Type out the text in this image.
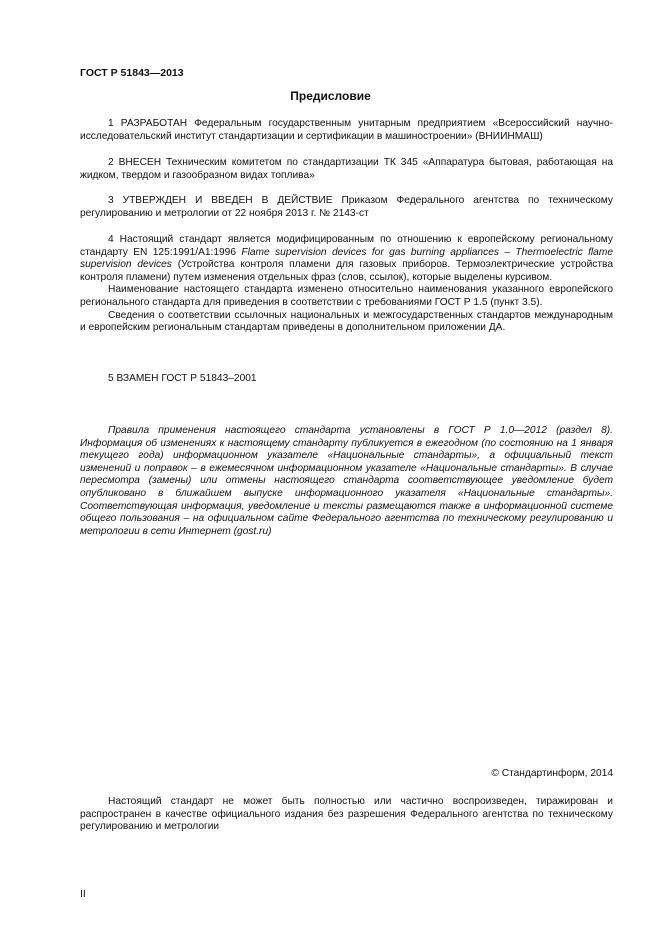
ГОСТ Р 51843—2013
Предисловие
1 РАЗРАБОТАН Федеральным государственным унитарным предприятием «Всероссийский научно-исследовательский институт стандартизации и сертификации в машиностроении» (ВНИИНМАШ)
2 ВНЕСЕН Техническим комитетом по стандартизации ТК 345 «Аппаратура бытовая, работающая на жидком, твердом и газообразном видах топлива»
3 УТВЕРЖДЕН И ВВЕДЕН В ДЕЙСТВИЕ Приказом Федерального агентства по техническому регулированию и метрологии от 22 ноября 2013 г. № 2143-ст
4 Настоящий стандарт является модифицированным по отношению к европейскому региональному стандарту EN 125:1991/A1:1996 Flame supervision devices for gas burning appliances – Thermoelectric flame supervision devices (Устройства контроля пламени для газовых приборов. Термоэлектрические устройства контроля пламени) путем изменения отдельных фраз (слов, ссылок), которые выделены курсивом.
Наименование настоящего стандарта изменено относительно наименования указанного европейского регионального стандарта для приведения в соответствии с требованиями ГОСТ Р 1.5 (пункт 3.5).
Сведения о соответствии ссылочных национальных и межгосударственных стандартов международным и европейским региональным стандартам приведены в дополнительном приложении ДА.
5 ВЗАМЕН ГОСТ Р 51843–2001
Правила применения настоящего стандарта установлены в ГОСТ Р 1.0—2012 (раздел 8). Информация об изменениях к настоящему стандарту публикуется в ежегодном (по состоянию на 1 января текущего года) информационном указателе «Национальные стандарты», а официальный текст изменений и поправок – в ежемесячном информационном указателе «Национальные стандарты». В случае пересмотра (замены) или отмены настоящего стандарта соответствующее уведомление будет опубликовано в ближайшем выпуске информационного указателя «Национальные стандарты». Соответствующая информация, уведомление и тексты размещаются также в информационной системе общего пользования – на официальном сайте Федерального агентства по техническому регулированию и метрологии в сети Интернет (gost.ru)
© Стандартинформ, 2014
Настоящий стандарт не может быть полностью или частично воспроизведен, тиражирован и распространен в качестве официального издания без разрешения Федерального агентства по техническому регулированию и метрологии
II
